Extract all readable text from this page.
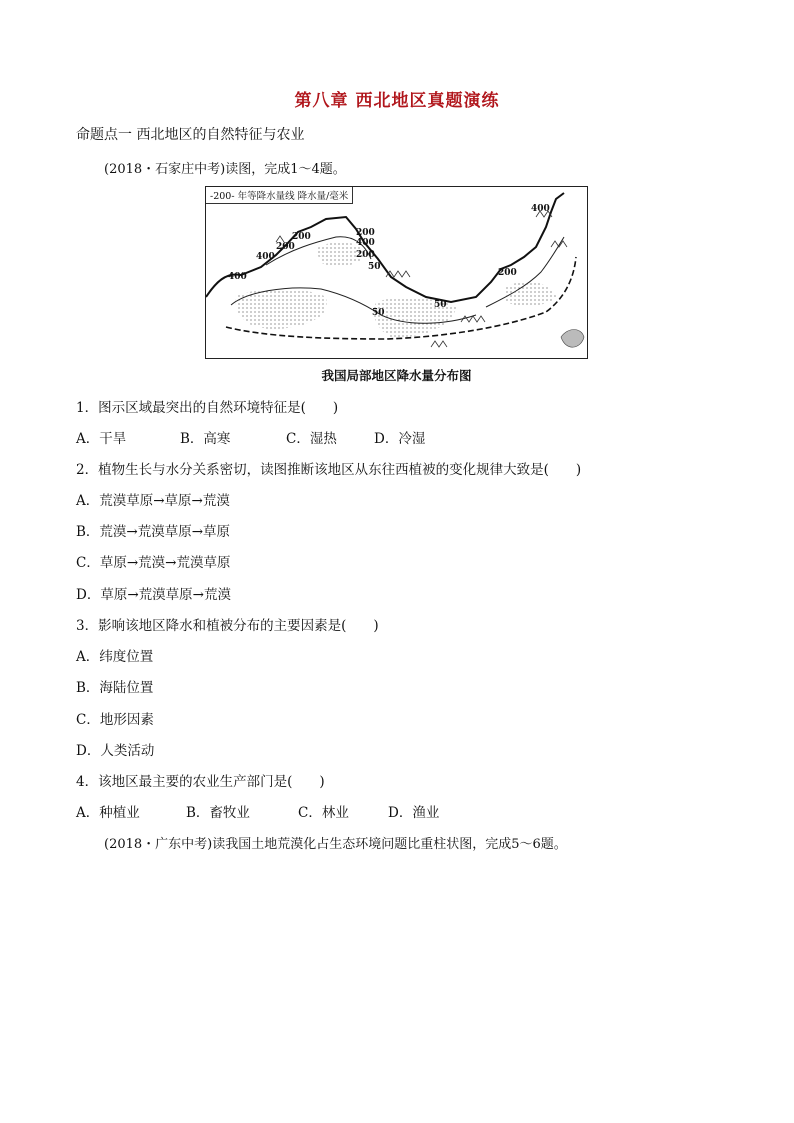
第八章 西北地区真题演练
命题点一 西北地区的自然特征与农业
(2018・石家庄中考)读图，完成1～4题。
-200- 年等降水量线 降水量/毫米
400
200
200	400
200
50
400
400	200
50
50
200
我国局部地区降水量分布图
1．图示区域最突出的自然环境特征是(　　)
A．干旱	B．高寒	C．湿热	D．冷湿
2．植物生长与水分关系密切，读图推断该地区从东往西植被的变化规律大致是(　　)
A．荒漠草原→草原→荒漠
B．荒漠→荒漠草原→草原
C．草原→荒漠→荒漠草原
D．草原→荒漠草原→荒漠
3．影响该地区降水和植被分布的主要因素是(　　)
A．纬度位置
B．海陆位置
C．地形因素
D．人类活动
4．该地区最主要的农业生产部门是(　　)
A．种植业	B．畜牧业	C．林业	D．渔业
(2018・广东中考)读我国土地荒漠化占生态环境问题比重柱状图，完成5～6题。
